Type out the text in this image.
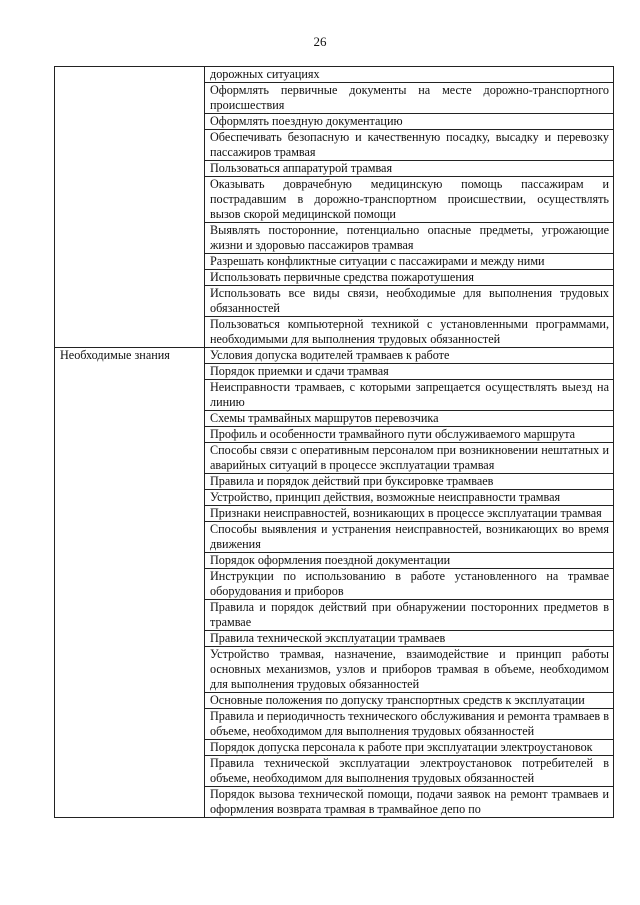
26
	дорожных ситуациях
	Оформлять первичные документы на месте дорожно-транспортного происшествия
	Оформлять поездную документацию
	Обеспечивать безопасную и качественную посадку, высадку и перевозку пассажиров трамвая
	Пользоваться аппаратурой трамвая
	Оказывать доврачебную медицинскую помощь пассажирам и пострадавшим в дорожно-транспортном происшествии, осуществлять вызов скорой медицинской помощи
	Выявлять посторонние, потенциально опасные предметы, угрожающие жизни и здоровью пассажиров трамвая
	Разрешать конфликтные ситуации с пассажирами и между ними
	Использовать первичные средства пожаротушения
	Использовать все виды связи, необходимые для выполнения трудовых обязанностей
	Пользоваться компьютерной техникой с установленными программами, необходимыми для выполнения трудовых обязанностей
Необходимые знания	Условия допуска водителей трамваев к работе
	Порядок приемки и сдачи трамвая
	Неисправности трамваев, с которыми запрещается осуществлять выезд на линию
	Схемы трамвайных маршрутов перевозчика
	Профиль и особенности трамвайного пути обслуживаемого маршрута
	Способы связи с оперативным персоналом при возникновении нештатных и аварийных ситуаций в процессе эксплуатации трамвая
	Правила и порядок действий при буксировке трамваев
	Устройство, принцип действия, возможные неисправности трамвая
	Признаки неисправностей, возникающих в процессе эксплуатации трамвая
	Способы выявления и устранения неисправностей, возникающих во время движения
	Порядок оформления поездной документации
	Инструкции по использованию в работе установленного на трамвае оборудования и приборов
	Правила и порядок действий при обнаружении посторонних предметов в трамвае
	Правила технической эксплуатации трамваев
	Устройство трамвая, назначение, взаимодействие и принцип работы основных механизмов, узлов и приборов трамвая в объеме, необходимом для выполнения трудовых обязанностей
	Основные положения по допуску транспортных средств к эксплуатации
	Правила и периодичность технического обслуживания и ремонта трамваев в объеме, необходимом для выполнения трудовых обязанностей
	Порядок допуска персонала к работе при эксплуатации электроустановок
	Правила технической эксплуатации электроустановок потребителей в объеме, необходимом для выполнения трудовых обязанностей
	Порядок вызова технической помощи, подачи заявок на ремонт трамваев и оформления возврата трамвая в трамвайное депо по
